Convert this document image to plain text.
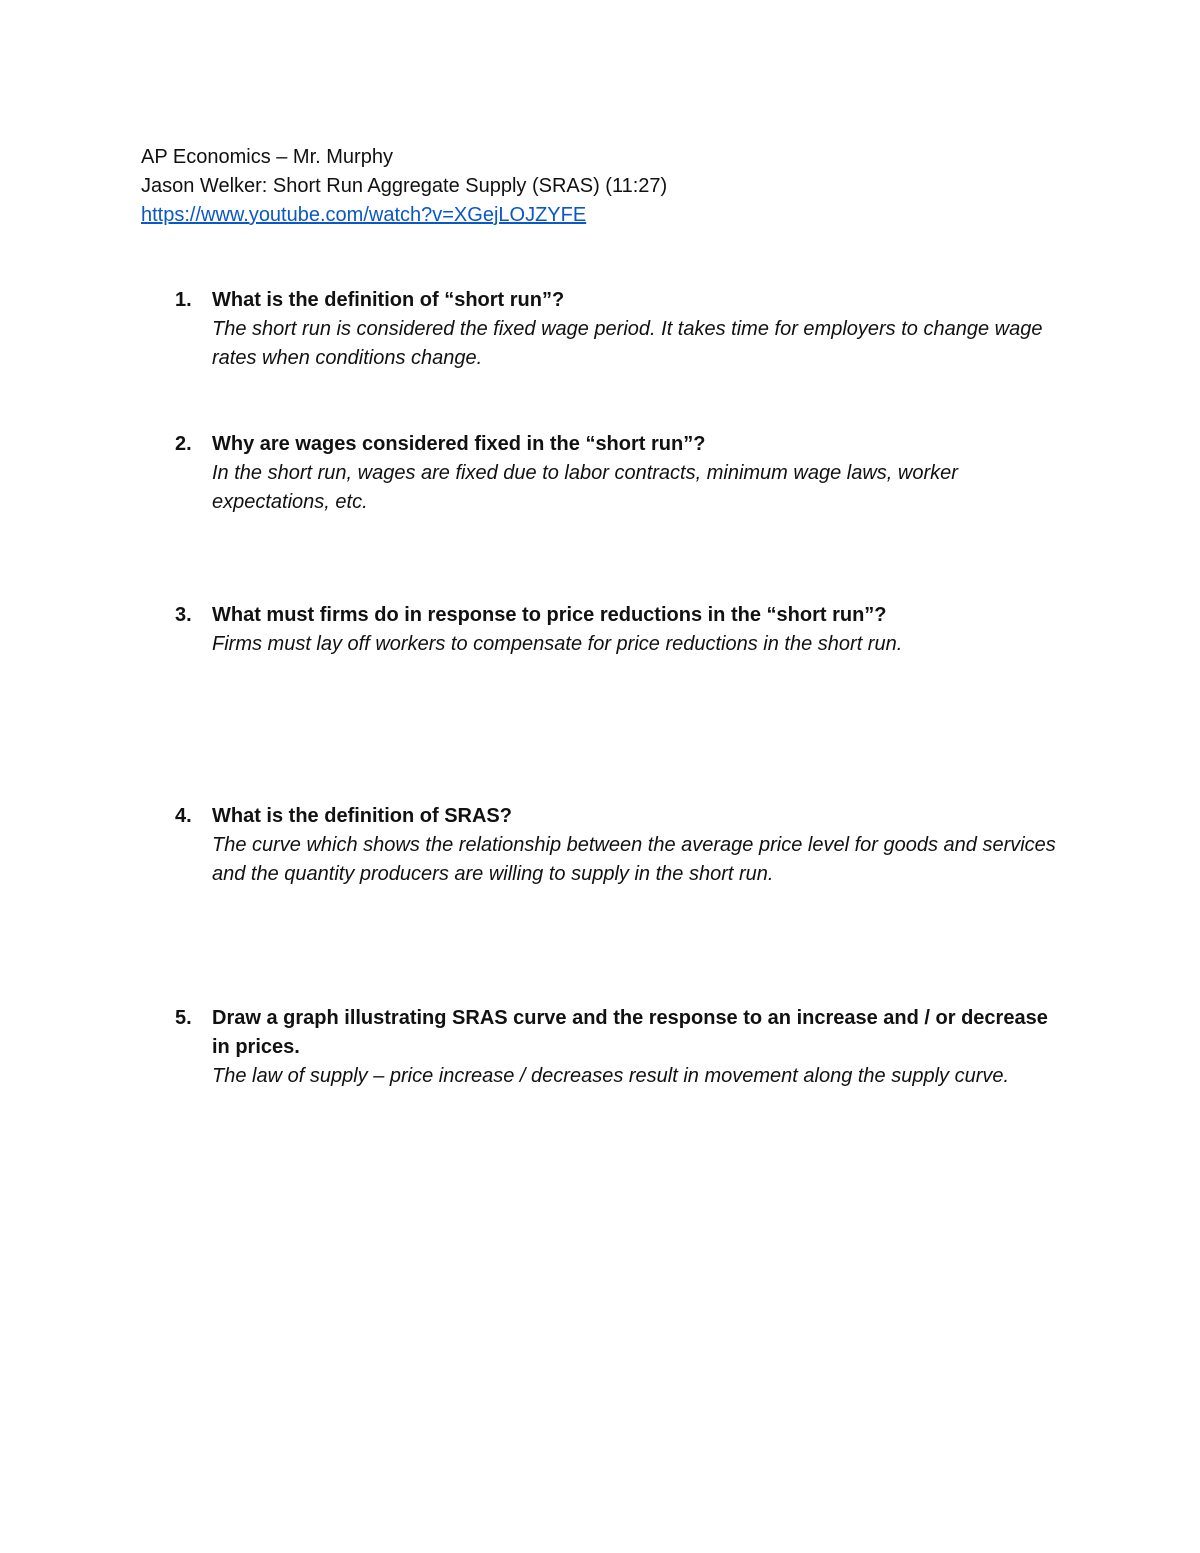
AP Economics – Mr. Murphy
Jason Welker: Short Run Aggregate Supply (SRAS) (11:27)
https://www.youtube.com/watch?v=XGejLOJZYFE
1. What is the definition of “short run”?
The short run is considered the fixed wage period. It takes time for employers to change wage rates when conditions change.
2. Why are wages considered fixed in the “short run”?
In the short run, wages are fixed due to labor contracts, minimum wage laws, worker expectations, etc.
3. What must firms do in response to price reductions in the “short run”?
Firms must lay off workers to compensate for price reductions in the short run.
4. What is the definition of SRAS?
The curve which shows the relationship between the average price level for goods and services and the quantity producers are willing to supply in the short run.
5. Draw a graph illustrating SRAS curve and the response to an increase and / or decrease in prices.
The law of supply – price increase / decreases result in movement along the supply curve.
